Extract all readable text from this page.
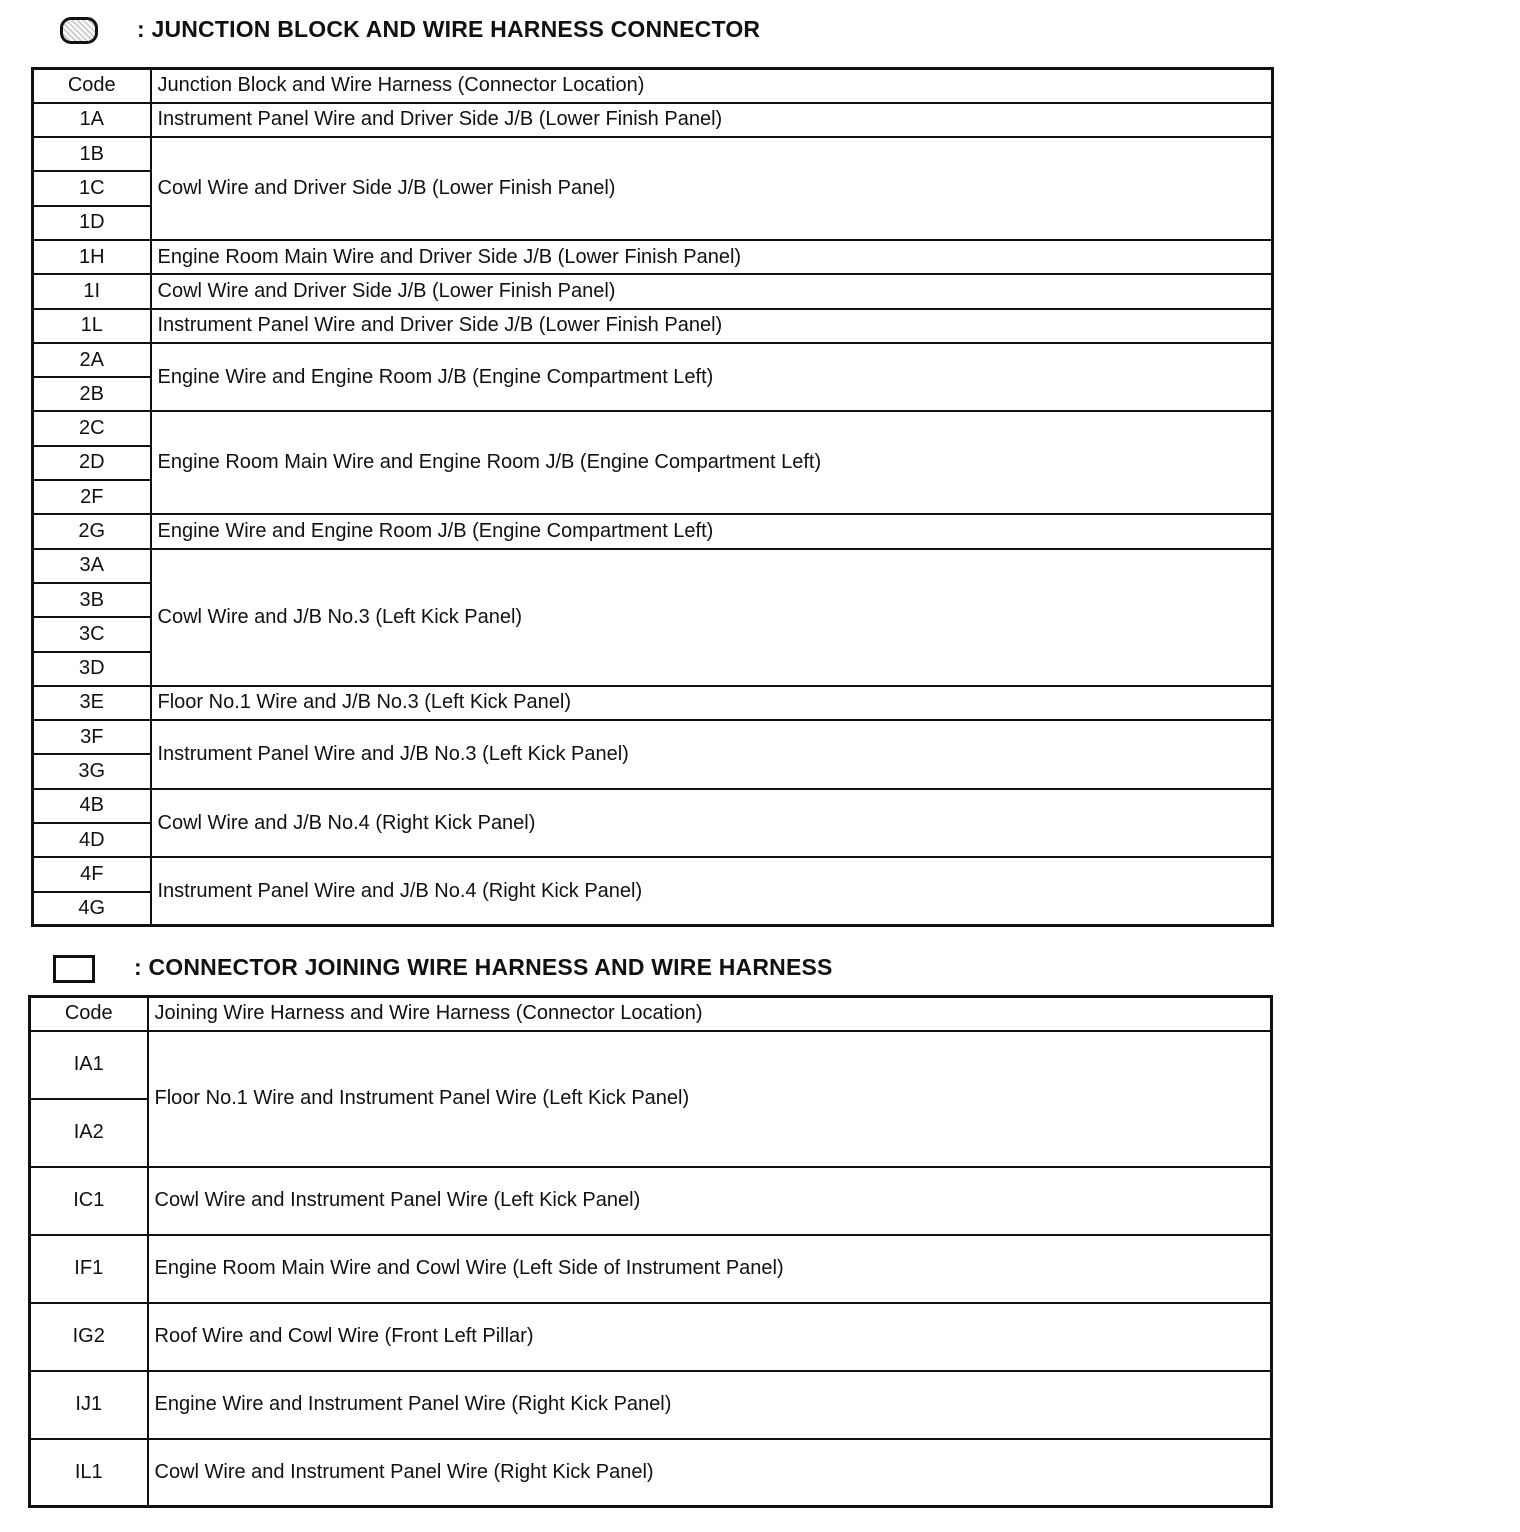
: JUNCTION BLOCK AND WIRE HARNESS CONNECTOR
Code	Junction Block and Wire Harness (Connector Location)
1A	Instrument Panel Wire and Driver Side J/B (Lower Finish Panel)
1B	Cowl Wire and Driver Side J/B (Lower Finish Panel)
1C	
1D	
1H	Engine Room Main Wire and Driver Side J/B (Lower Finish Panel)
1I	Cowl Wire and Driver Side J/B (Lower Finish Panel)
1L	Instrument Panel Wire and Driver Side J/B (Lower Finish Panel)
2A	Engine Wire and Engine Room J/B (Engine Compartment Left)
2B	
2C	Engine Room Main Wire and Engine Room J/B (Engine Compartment Left)
2D	
2F	
2G	Engine Wire and Engine Room J/B (Engine Compartment Left)
3A	Cowl Wire and J/B No.3 (Left Kick Panel)
3B	
3C	
3D	
3E	Floor No.1 Wire and J/B No.3 (Left Kick Panel)
3F	Instrument Panel Wire and J/B No.3 (Left Kick Panel)
3G	
4B	Cowl Wire and J/B No.4 (Right Kick Panel)
4D	
4F	Instrument Panel Wire and J/B No.4 (Right Kick Panel)
4G	
: CONNECTOR JOINING WIRE HARNESS AND WIRE HARNESS
Code	Joining Wire Harness and Wire Harness (Connector Location)
IA1	Floor No.1 Wire and Instrument Panel Wire (Left Kick Panel)
IA2	
IC1	Cowl Wire and Instrument Panel Wire (Left Kick Panel)
IF1	Engine Room Main Wire and Cowl Wire (Left Side of Instrument Panel)
IG2	Roof Wire and Cowl Wire (Front Left Pillar)
IJ1	Engine Wire and Instrument Panel Wire (Right Kick Panel)
IL1	Cowl Wire and Instrument Panel Wire (Right Kick Panel)
